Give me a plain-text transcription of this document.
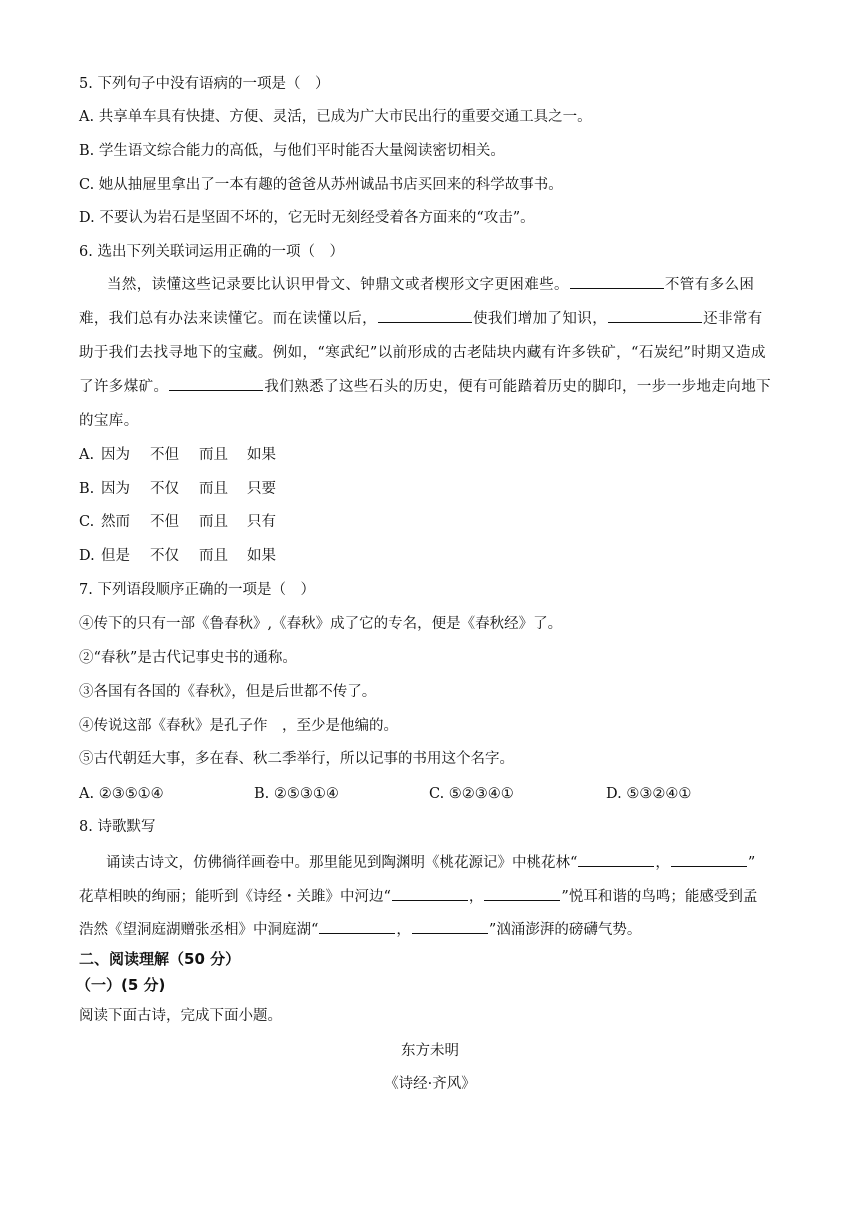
5. 下列句子中没有语病的一项是（　）
A. 共享单车具有快捷、方便、灵活，已成为广大市民出行的重要交通工具之一。
B. 学生语文综合能力的高低，与他们平时能否大量阅读密切相关。
C. 她从抽屉里拿出了一本有趣的爸爸从苏州诚品书店买回来的科学故事书。
D. 不要认为岩石是坚固不坏的，它无时无刻经受着各方面来的“攻击”。
6. 选出下列关联词运用正确的一项（　）

当然，读懂这些记录要比认识甲骨文、钟鼎文或者楔形文字更困难些。	不管有多么困难，我们总有办法来读懂它。而在读懂以后，	使我们增加了知识，	还非常有助于我们去找寻地下的宝藏。例如，“寒武纪”以前形成的古老陆块内藏有许多铁矿，“石炭纪”时期又造成了许多煤矿。	我们熟悉了这些石头的历史，便有可能踏着历史的脚印，一步一步地走向地下的宝库。

A. 因为 不但 而且 如果
B. 因为 不仅 而且 只要
C. 然而 不但 而且 只有
D. 但是 不仅 而且 如果
7. 下列语段顺序正确的一项是（　）
④传下的只有一部《鲁春秋》,《春秋》成了它的专名，便是《春秋经》了。
②“春秋”是古代记事史书的通称。
③各国有各国的《春秋》，但是后世都不传了。
④传说这部《春秋》是孔子作　，至少是他编的。
⑤古代朝廷大事，多在春、秋二季举行，所以记事的书用这个名字。
A. ②③⑤①④	B. ②⑤③①④	C. ⑤②③④①	D. ⑤③②④①
8. 诗歌默写
诵读古诗文，仿佛徜徉画卷中。那里能见到陶渊明《桃花源记》中桃花林“	，	”
花草相映的绚丽；能听到《诗经・关雎》中河边“	，	”悦耳和谐的鸟鸣；能感受到孟
浩然《望洞庭湖赠张丞相》中洞庭湖“	，	”汹涌澎湃的磅礴气势。
二、阅读理解（50 分）
（一）(5 分)
阅读下面古诗，完成下面小题。
东方未明
《诗经·齐风》
